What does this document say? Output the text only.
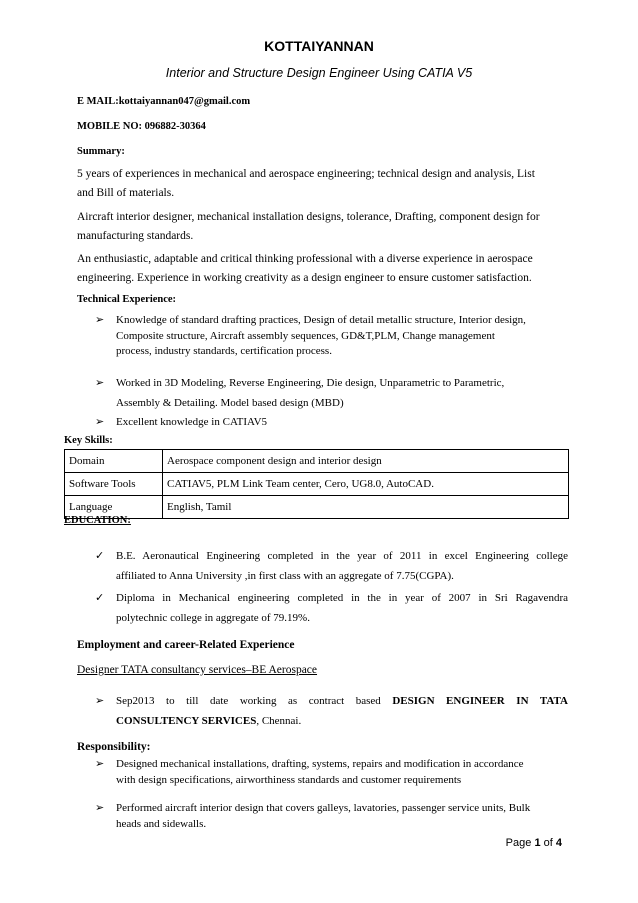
KOTTAIYANNAN
Interior and Structure Design Engineer Using CATIA V5
E MAIL:kottaiyannan047@gmail.com
MOBILE NO: 096882-30364
Summary:
5 years of experiences in mechanical and aerospace engineering; technical design and analysis, List
and Bill of materials.
Aircraft interior designer, mechanical installation designs, tolerance, Drafting, component design for
manufacturing standards.
An enthusiastic, adaptable and critical thinking professional with a diverse experience in aerospace
engineering. Experience in working creativity as a design engineer to ensure customer satisfaction.
Technical Experience:
➢ Knowledge of standard drafting practices, Design of detail metallic structure, Interior design,
Composite structure, Aircraft assembly sequences, GD&T,PLM, Change management
process, industry standards, certification process.
➢ Worked in 3D Modeling, Reverse Engineering, Die design, Unparametric to Parametric,
Assembly & Detailing. Model based design (MBD)
➢ Excellent knowledge in CATIAV5
Key Skills:
Domain	Aerospace component design and interior design
Software Tools	CATIAV5, PLM Link Team center, Cero, UG8.0, AutoCAD.
Language	English, Tamil
EDUCATION:
✓ B.E. Aeronautical Engineering completed in the year of 2011 in excel Engineering college
affiliated to Anna University ,in first class with an aggregate of 7.75(CGPA).
✓ Diploma in Mechanical engineering completed in the in year of 2007 in Sri Ragavendra
polytechnic college in aggregate of 79.19%.
Employment and career-Related Experience
Designer TATA consultancy services–BE Aerospace
➢ Sep2013 to till date working as contract based DESIGN ENGINEER IN TATA
CONSULTENCY SERVICES, Chennai.
Responsibility:
➢ Designed mechanical installations, drafting, systems, repairs and modification in accordance
with design specifications, airworthiness standards and customer requirements
➢ Performed aircraft interior design that covers galleys, lavatories, passenger service units, Bulk
heads and sidewalls.
Page 1 of 4
